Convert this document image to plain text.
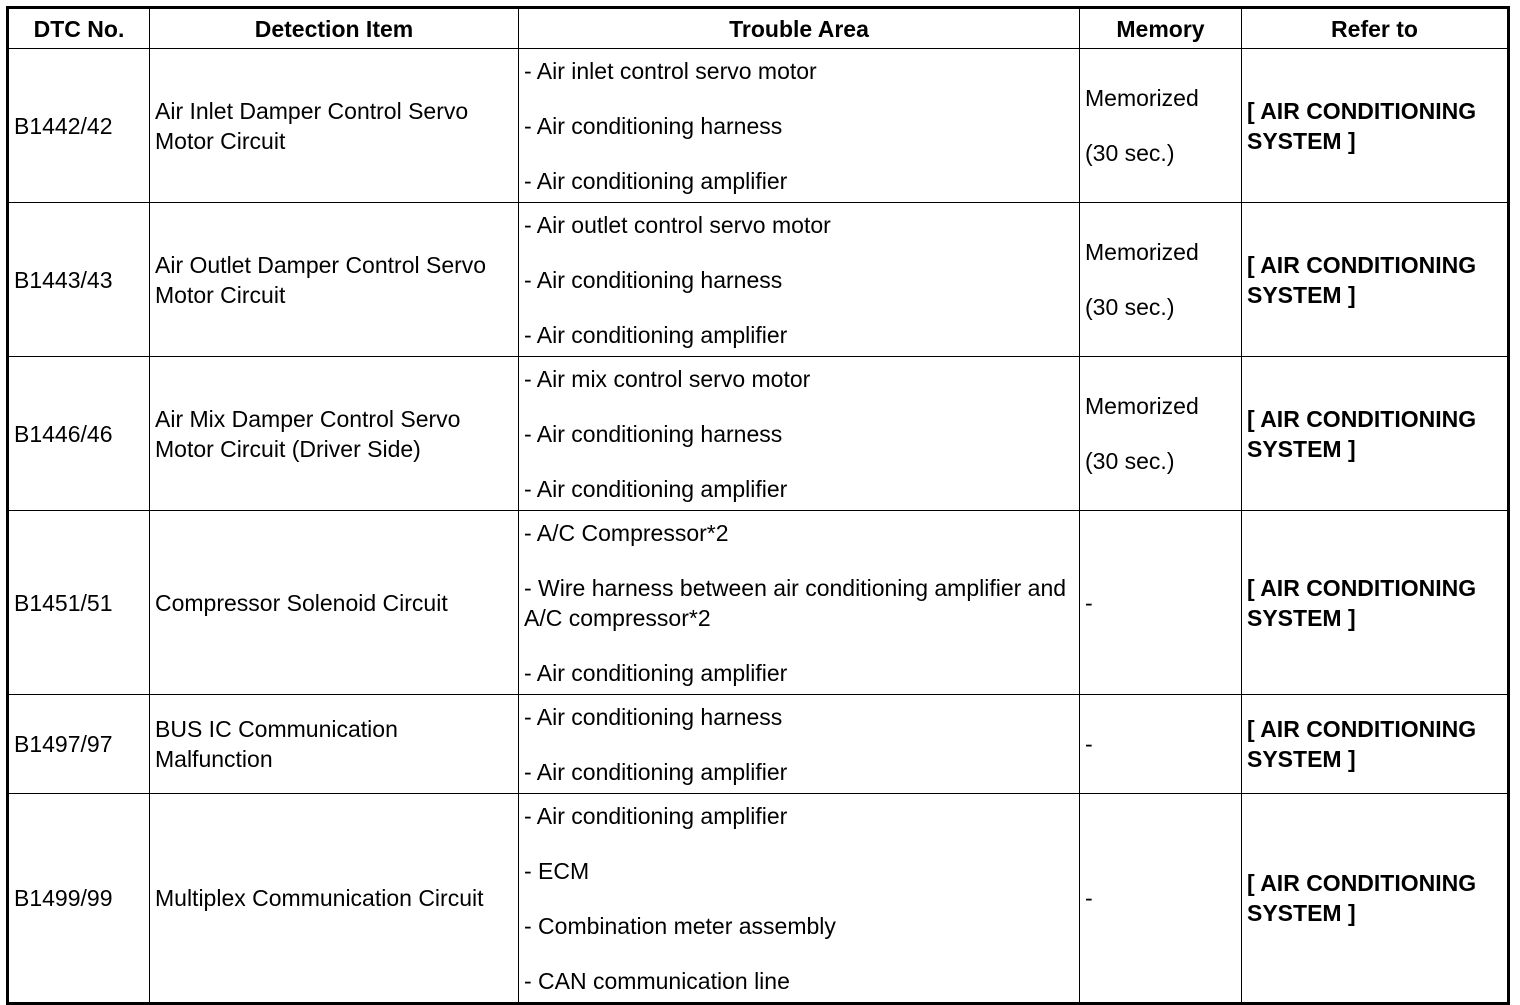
DTC No.	Detection Item	Trouble Area	Memory	Refer to
B1442/42	Air Inlet Damper Control Servo Motor Circuit	- Air inlet control servo motor
- Air conditioning harness
- Air conditioning amplifier	Memorized
(30 sec.)	[ AIR CONDITIONING SYSTEM ]
B1443/43	Air Outlet Damper Control Servo Motor Circuit	- Air outlet control servo motor
- Air conditioning harness
- Air conditioning amplifier	Memorized
(30 sec.)	[ AIR CONDITIONING SYSTEM ]
B1446/46	Air Mix Damper Control Servo Motor Circuit (Driver Side)	- Air mix control servo motor
- Air conditioning harness
- Air conditioning amplifier	Memorized
(30 sec.)	[ AIR CONDITIONING SYSTEM ]
B1451/51	Compressor Solenoid Circuit	- A/C Compressor*2
- Wire harness between air conditioning amplifier and A/C compressor*2
- Air conditioning amplifier	-	[ AIR CONDITIONING SYSTEM ]
B1497/97	BUS IC Communication Malfunction	- Air conditioning harness
- Air conditioning amplifier	-	[ AIR CONDITIONING SYSTEM ]
B1499/99	Multiplex Communication Circuit	- Air conditioning amplifier
- ECM
- Combination meter assembly
- CAN communication line	-	[ AIR CONDITIONING SYSTEM ]
